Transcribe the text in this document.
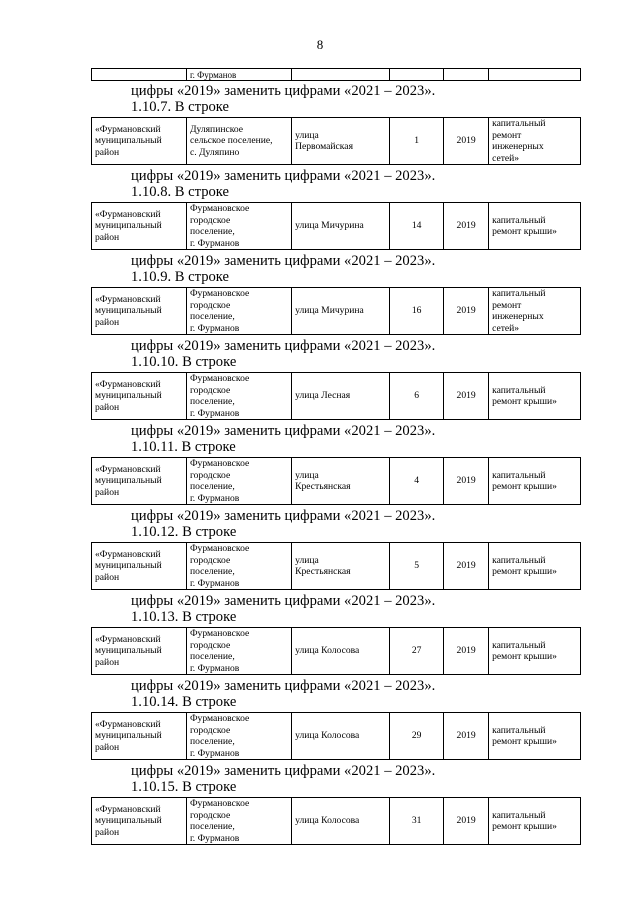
8
	г. Фурманов				
цифры «2019» заменить цифрами «2021 – 2023».
1.10.7. В строке
«Фурмановский
муниципальный
район	Дуляпинское
сельское поселение,
с. Дуляпино	улица
Первомайская	1	2019	капитальный
ремонт
инженерных
сетей»
цифры «2019» заменить цифрами «2021 – 2023».
1.10.8. В строке
«Фурмановский
муниципальный
район	Фурмановское
городское
поселение,
г. Фурманов	улица Мичурина	14	2019	капитальный
ремонт крыши»
цифры «2019» заменить цифрами «2021 – 2023».
1.10.9. В строке
«Фурмановский
муниципальный
район	Фурмановское
городское
поселение,
г. Фурманов	улица Мичурина	16	2019	капитальный
ремонт
инженерных
сетей»
цифры «2019» заменить цифрами «2021 – 2023».
1.10.10. В строке
«Фурмановский
муниципальный
район	Фурмановское
городское
поселение,
г. Фурманов	улица Лесная	6	2019	капитальный
ремонт крыши»
цифры «2019» заменить цифрами «2021 – 2023».
1.10.11. В строке
«Фурмановский
муниципальный
район	Фурмановское
городское
поселение,
г. Фурманов	улица
Крестьянская	4	2019	капитальный
ремонт крыши»
цифры «2019» заменить цифрами «2021 – 2023».
1.10.12. В строке
«Фурмановский
муниципальный
район	Фурмановское
городское
поселение,
г. Фурманов	улица
Крестьянская	5	2019	капитальный
ремонт крыши»
цифры «2019» заменить цифрами «2021 – 2023».
1.10.13. В строке
«Фурмановский
муниципальный
район	Фурмановское
городское
поселение,
г. Фурманов	улица Колосова	27	2019	капитальный
ремонт крыши»
цифры «2019» заменить цифрами «2021 – 2023».
1.10.14. В строке
«Фурмановский
муниципальный
район	Фурмановское
городское
поселение,
г. Фурманов	улица Колосова	29	2019	капитальный
ремонт крыши»
цифры «2019» заменить цифрами «2021 – 2023».
1.10.15. В строке
«Фурмановский
муниципальный
район	Фурмановское
городское
поселение,
г. Фурманов	улица Колосова	31	2019	капитальный
ремонт крыши»
